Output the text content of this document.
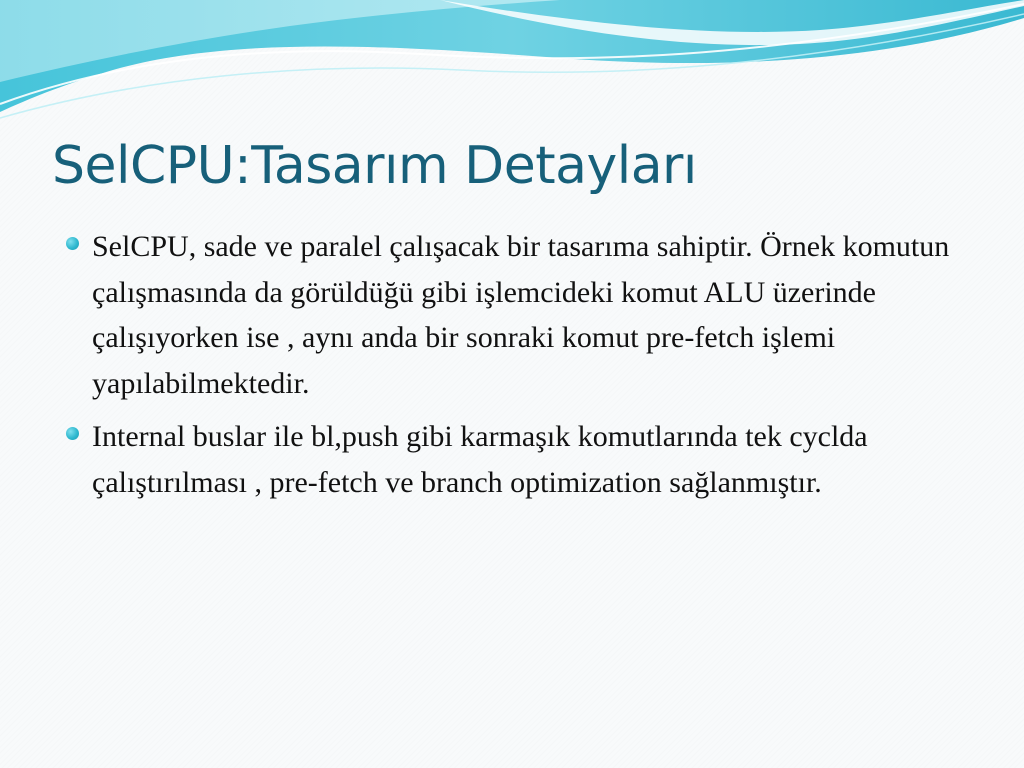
SelCPU:Tasarım Detayları
SelCPU, sade ve paralel çalışacak bir tasarıma sahiptir. Örnek komutun çalışmasında da görüldüğü gibi işlemcideki komut ALU üzerinde çalışıyorken ise , aynı anda bir sonraki komut pre-fetch işlemi yapılabilmektedir.
Internal buslar ile bl,push gibi karmaşık komutlarında tek cyclda çalıştırılması , pre-fetch ve branch optimization sağlanmıştır.
